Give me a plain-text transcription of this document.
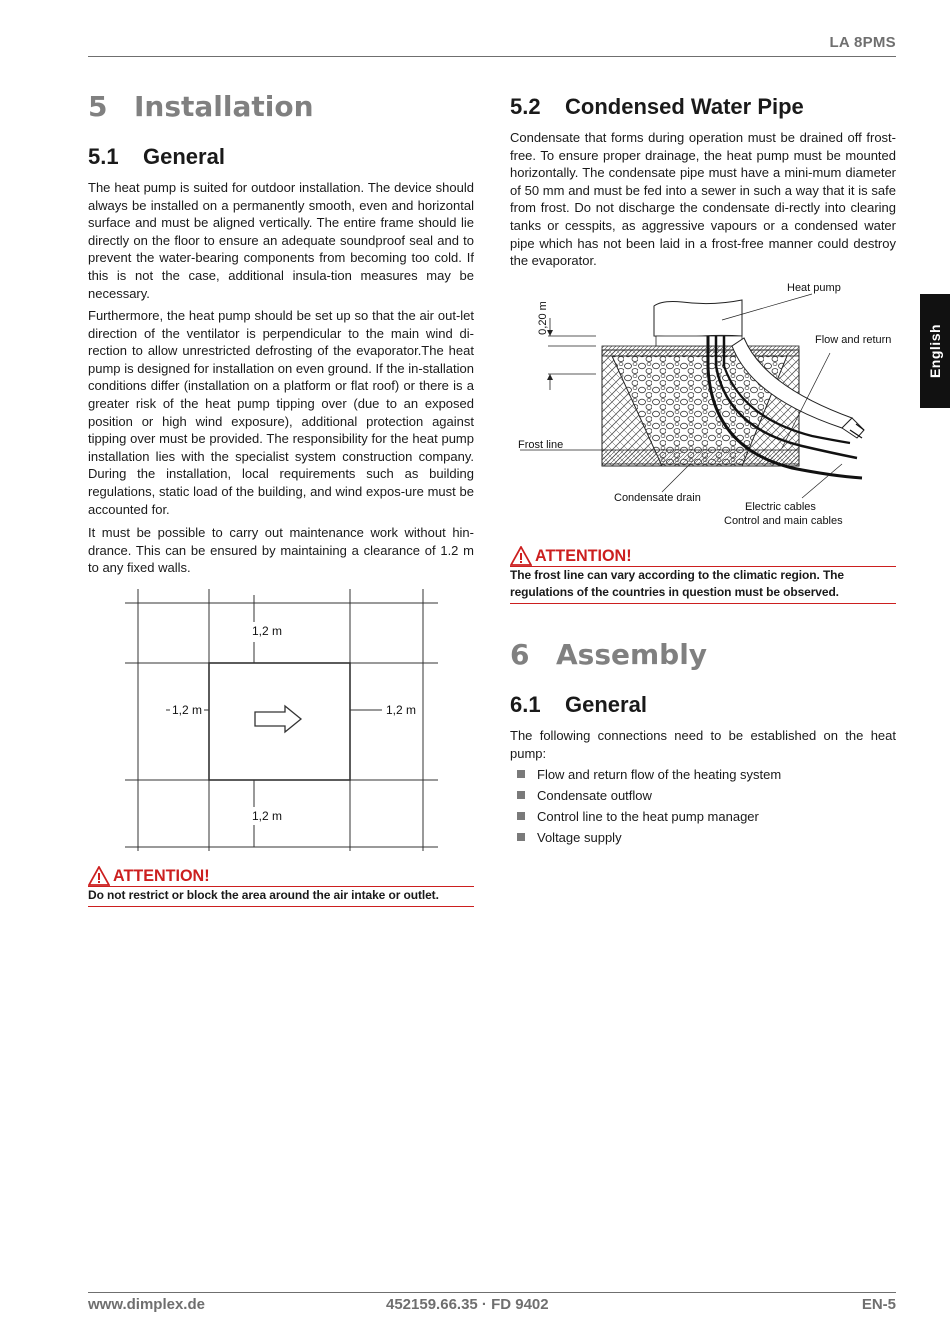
LA 8PMS
English
5 Installation
5.1 General

The heat pump is suited for outdoor installation. The device should always be installed on a permanently smooth, even and horizontal surface and must be aligned vertically. The entire frame should lie directly on the floor to ensure an adequate soundproof seal and to prevent the water-bearing components from becoming too cold. If this is not the case, additional insula-tion measures may be necessary.

Furthermore, the heat pump should be set up so that the air out-let direction of the ventilator is perpendicular to the main wind di-rection to allow unrestricted defrosting of the evaporator.The heat pump is designed for installation on even ground. If the in-stallation conditions differ (installation on a platform or flat roof) or there is a greater risk of the heat pump tipping over (due to an exposed position or high wind exposure), additional protection against tipping over must be provided. The responsibility for the heat pump installation lies with the specialist system construction company. During the installation, local requirements such as building regulations, static load of the building, and wind expos-ure must be accounted for.

It must be possible to carry out maintenance work without hin-drance. This can be ensured by maintaining a clearance of 1.2 m to any fixed walls.

1,2 m
1,2 m	1,2 m
1,2 m
ATTENTION!
Do not restrict or block the area around the air intake or outlet.
5.2 Condensed Water Pipe

Condensate that forms during operation must be drained off frost-free. To ensure proper drainage, the heat pump must be mounted horizontally. The condensate pipe must have a mini-mum diameter of 50 mm and must be fed into a sewer in such a way that it is safe from frost. Do not discharge the condensate di-rectly into clearing tanks or cesspits, as aggressive vapours or a condensed water pipe which has not been laid in a frost-free manner could destroy the evaporator.

0,20 m
Heat pump
Flow and return
Frost line
Condensate drain
Electric cables
Control and main cables
ATTENTION!
The frost line can vary according to the climatic region. The regulations of the countries in question must be observed.
6 Assembly
6.1 General

The following connections need to be established on the heat pump:

Flow and return flow of the heating system
Condensate outflow
Control line to the heat pump manager
Voltage supply
www.dimplex.de	452159.66.35 · FD 9402	EN-5
